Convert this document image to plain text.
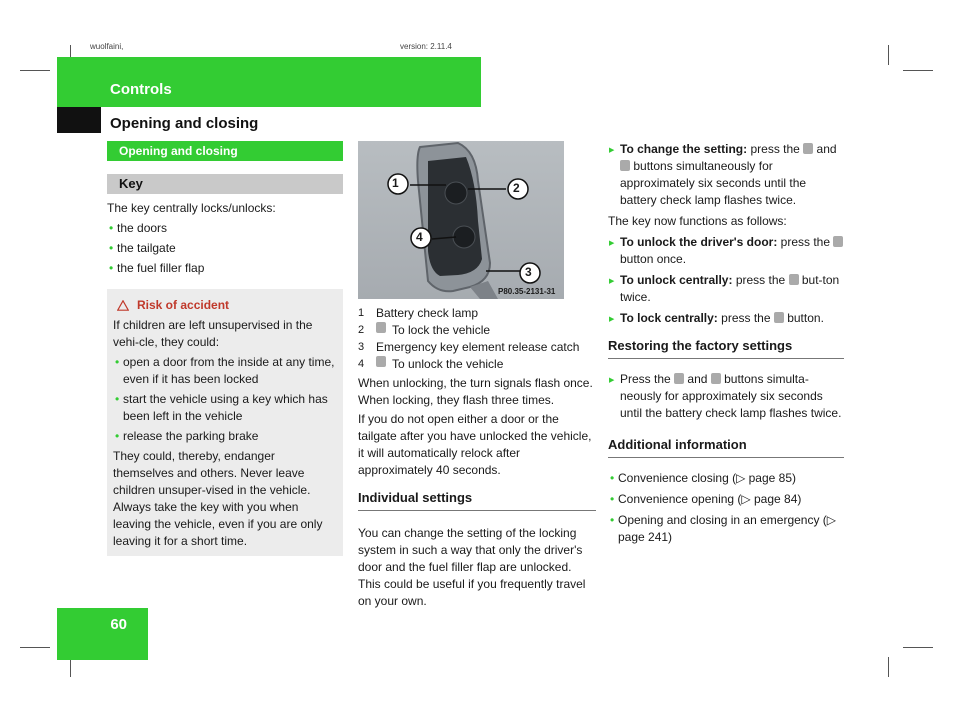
wuolfaini,	version: 2.11.4
Controls
Opening and closing
60
Opening and closing
Key

The key centrally locks/unlocks:

• the doors

• the tailgate

• the fuel filler flap

Risk of accident

If children are left unsupervised in the vehi-cle, they could:

• open a door from the inside at any time, even if it has been locked

• start the vehicle using a key which has been left in the vehicle

• release the parking brake

They could, thereby, endanger themselves and others. Never leave children unsuper-vised in the vehicle. Always take the key with you when leaving the vehicle, even if you are only leaving it for a short time.

1	2
3
4
P80.35-2131-31

1 Battery check lamp

2	To lock the vehicle

3 Emergency key element release catch

4	To unlock the vehicle

When unlocking, the turn signals flash once. When locking, they flash three times.

If you do not open either a door or the tailgate after you have unlocked the vehicle, it will automatically relock after approximately 40 seconds.

Individual settings

You can change the setting of the locking system in such a way that only the driver's door and the fuel filler flap are unlocked. This could be useful if you frequently travel on your own.

▶ To change the setting: press the and  buttons simultaneously for approximately six seconds until the battery check lamp flashes twice.

The key now functions as follows:

▶ To unlock the driver's door: press the  button once.

▶ To unlock centrally: press the but-ton twice.

▶ To lock centrally: press the button.

Restoring the factory settings

▶ Press the and buttons simulta-neously for approximately six seconds until the battery check lamp flashes twice.

Additional information

• Convenience closing (▷ page 85)

• Convenience opening (▷ page 84)

• Opening and closing in an emergency (▷ page 241)
